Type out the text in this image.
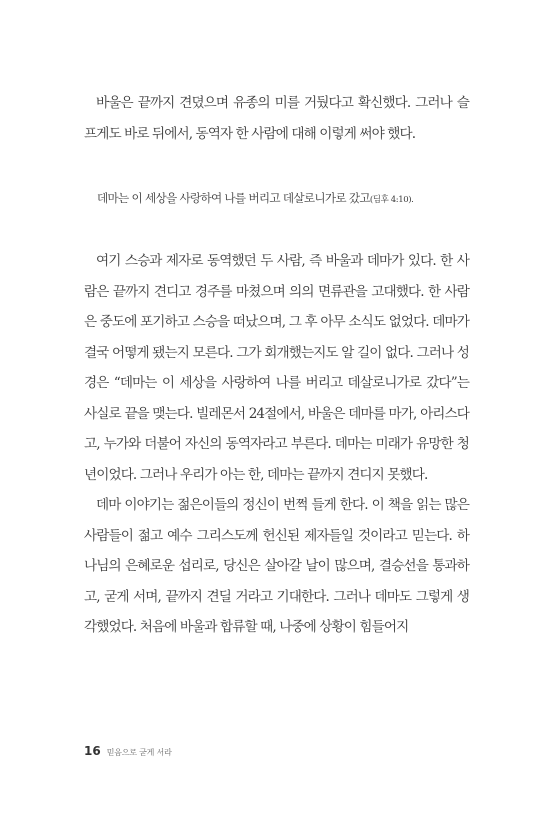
바울은 끝까지 견뎠으며 유종의 미를 거뒀다고 확신했다. 그러나 슬프게도 바로 뒤에서, 동역자 한 사람에 대해 이렇게 써야 했다.

데마는 이 세상을 사랑하여 나를 버리고 데살로니가로 갔고(딤후 4:10).

여기 스승과 제자로 동역했던 두 사람, 즉 바울과 데마가 있다. 한 사람은 끝까지 견디고 경주를 마쳤으며 의의 면류관을 고대했다. 한 사람은 중도에 포기하고 스승을 떠났으며, 그 후 아무 소식도 없었다. 데마가 결국 어떻게 됐는지 모른다. 그가 회개했는지도 알 길이 없다. 그러나 성경은 “데마는 이 세상을 사랑하여 나를 버리고 데살로니가로 갔다”는 사실로 끝을 맺는다. 빌레몬서 24절에서, 바울은 데마를 마가, 아리스다고, 누가와 더불어 자신의 동역자라고 부른다. 데마는 미래가 유망한 청년이었다. 그러나 우리가 아는 한, 데마는 끝까지 견디지 못했다.

데마 이야기는 젊은이들의 정신이 번쩍 들게 한다. 이 책을 읽는 많은 사람들이 젊고 예수 그리스도께 헌신된 제자들일 것이라고 믿는다. 하나님의 은혜로운 섭리로, 당신은 살아갈 날이 많으며, 결승선을 통과하고, 굳게 서며, 끝까지 견딜 거라고 기대한다. 그러나 데마도 그렇게 생각했었다. 처음에 바울과 합류할 때, 나중에 상황이 힘들어지

16 믿음으로 굳게 서라
